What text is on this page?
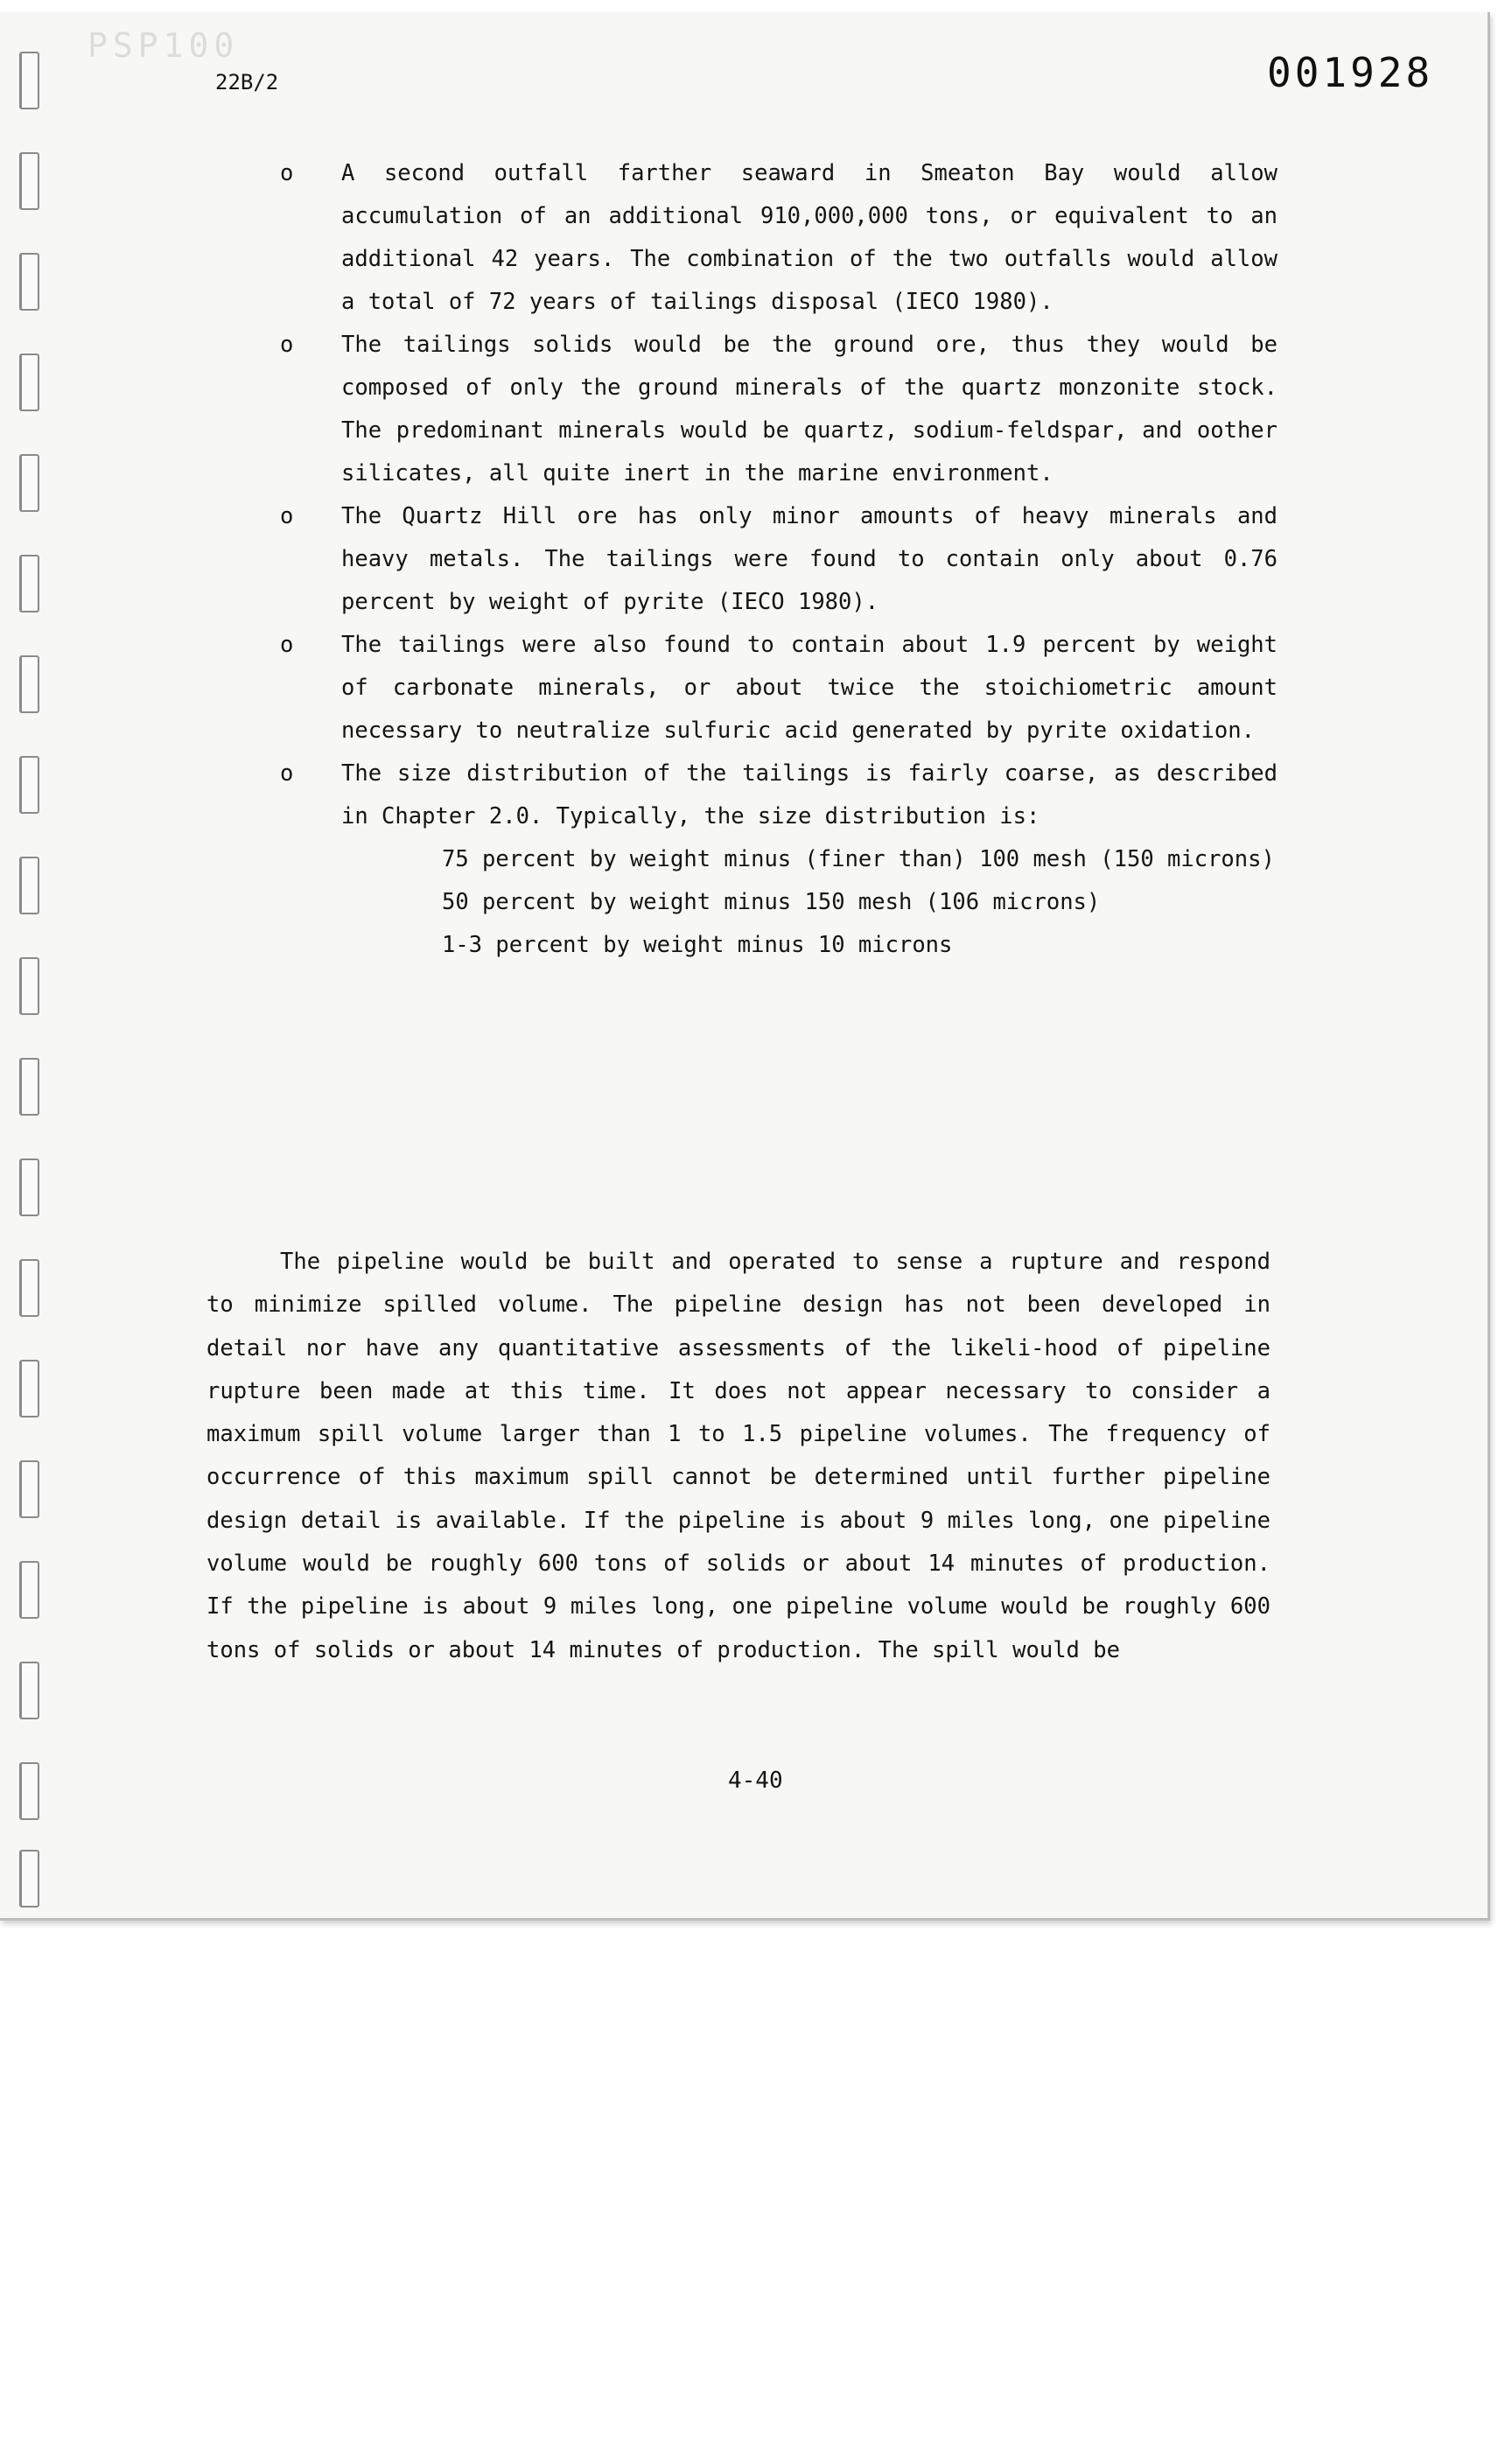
PSP100
22B/2	001928
o A second outfall farther seaward in Smeaton Bay would allow accumulation of an additional 910,000,000 tons, or equivalent to an additional 42 years. The combination of the two outfalls would allow a total of 72 years of tailings disposal (IECO 1980).
o The tailings solids would be the ground ore, thus they would be composed of only the ground minerals of the quartz monzonite stock. The predominant minerals would be quartz, sodium-feldspar, and oother silicates, all quite inert in the marine environment.
o The Quartz Hill ore has only minor amounts of heavy minerals and heavy metals. The tailings were found to contain only about 0.76 percent by weight of pyrite (IECO 1980).
o The tailings were also found to contain about 1.9 percent by weight of carbonate minerals, or about twice the stoichiometric amount necessary to neutralize sulfuric acid generated by pyrite oxidation.
o The size distribution of the tailings is fairly coarse, as described in Chapter 2.0. Typically, the size distribution is:
75 percent by weight minus (finer than) 100 mesh (150 microns)
50 percent by weight minus 150 mesh (106 microns)
1-3 percent by weight minus 10 microns

The pipeline would be built and operated to sense a rupture and respond to minimize spilled volume. The pipeline design has not been developed in detail nor have any quantitative assessments of the likeli-hood of pipeline rupture been made at this time. It does not appear necessary to consider a maximum spill volume larger than 1 to 1.5 pipeline volumes. The frequency of occurrence of this maximum spill cannot be determined until further pipeline design detail is available. If the pipeline is about 9 miles long, one pipeline volume would be roughly 600 tons of solids or about 14 minutes of production. If the pipeline is about 9 miles long, one pipeline volume would be roughly 600 tons of solids or about 14 minutes of production. The spill would be

4-40
